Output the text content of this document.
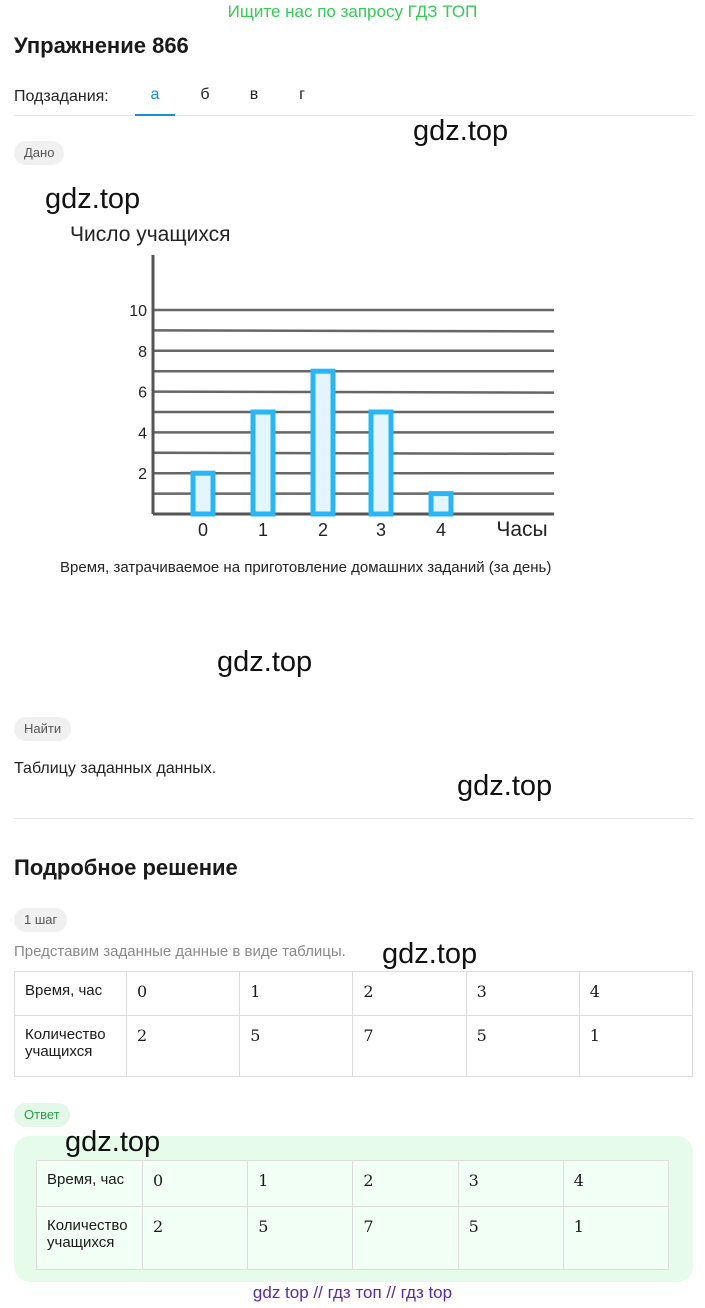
Ищите нас по запросу ГДЗ ТОП
Упражнение 866
Подзадания:	а	б	в	г
gdz.top
Дано
gdz.top
Число учащихся
2
4
6
8
10
0	1	2	3	4 Часы
Время, затрачиваемое на приготовление домашних заданий (за день)
gdz.top
Найти
Таблицу заданных данных.
gdz.top
Подробное решение
1 шаг
Представим заданные данные в виде таблицы. gdz.top
Время, час	0	1	2	3	4
Количество учащихся	2	5	7	5	1
Ответ
gdz.top
Время, час	0	1	2	3	4
Количество учащихся	2	5	7	5	1
gdz top // гдз топ // гдз top
